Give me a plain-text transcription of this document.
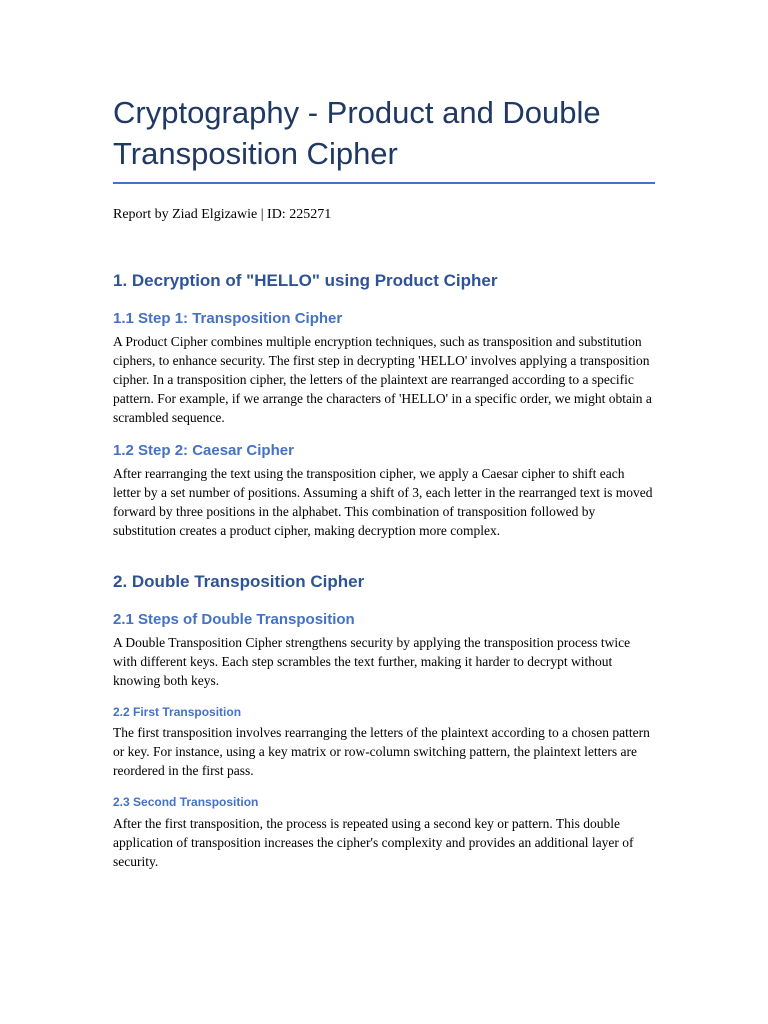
Cryptography - Product and Double Transposition Cipher
Report by Ziad Elgizawie | ID: 225271
1. Decryption of "HELLO" using Product Cipher
1.1 Step 1: Transposition Cipher

A Product Cipher combines multiple encryption techniques, such as transposition and substitution ciphers, to enhance security. The first step in decrypting 'HELLO' involves applying a transposition cipher. In a transposition cipher, the letters of the plaintext are rearranged according to a specific pattern. For example, if we arrange the characters of 'HELLO' in a specific order, we might obtain a scrambled sequence.

1.2 Step 2: Caesar Cipher

After rearranging the text using the transposition cipher, we apply a Caesar cipher to shift each letter by a set number of positions. Assuming a shift of 3, each letter in the rearranged text is moved forward by three positions in the alphabet. This combination of transposition followed by substitution creates a product cipher, making decryption more complex.

2. Double Transposition Cipher
2.1 Steps of Double Transposition

A Double Transposition Cipher strengthens security by applying the transposition process twice with different keys. Each step scrambles the text further, making it harder to decrypt without knowing both keys.

2.2 First Transposition

The first transposition involves rearranging the letters of the plaintext according to a chosen pattern or key. For instance, using a key matrix or row-column switching pattern, the plaintext letters are reordered in the first pass.

2.3 Second Transposition

After the first transposition, the process is repeated using a second key or pattern. This double application of transposition increases the cipher's complexity and provides an additional layer of security.
